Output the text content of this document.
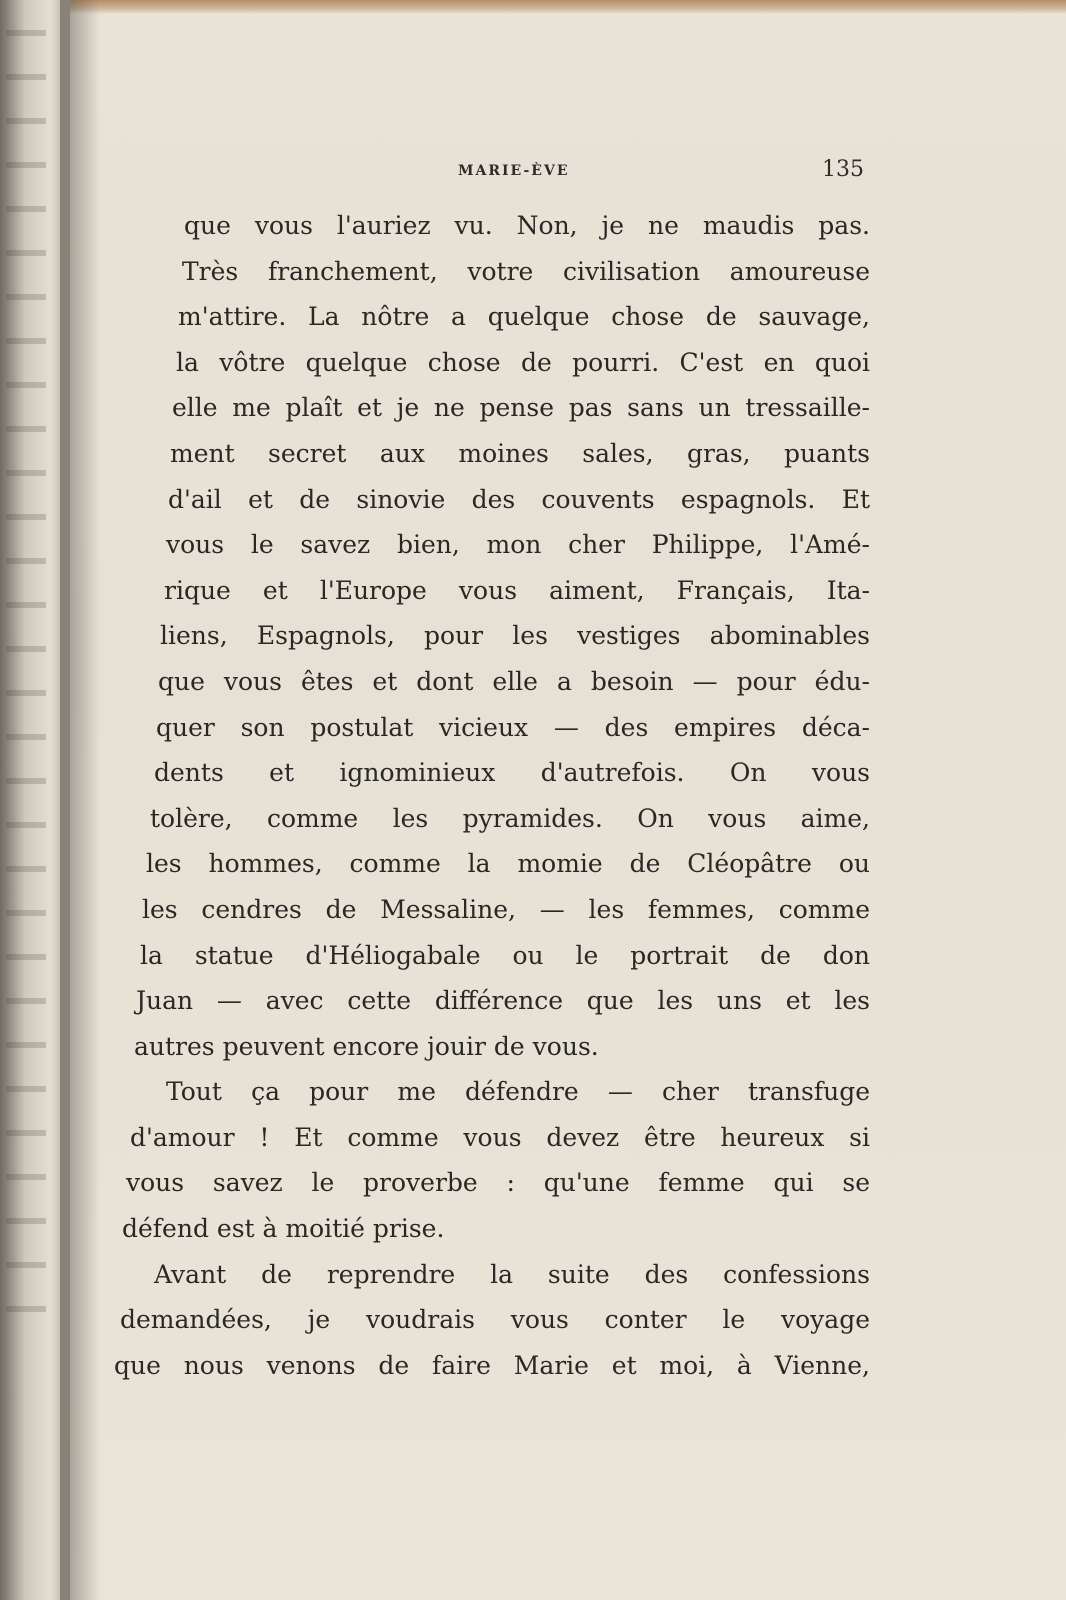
MARIE-ÈVE	135
que vous l'auriez vu. Non, je ne maudis pas.
Très franchement, votre civilisation amoureuse
m'attire. La nôtre a quelque chose de sauvage,
la vôtre quelque chose de pourri. C'est en quoi
elle me plaît et je ne pense pas sans un tressaille-
ment secret aux moines sales, gras, puants
d'ail et de sinovie des couvents espagnols. Et
vous le savez bien, mon cher Philippe, l'Amé-
rique et l'Europe vous aiment, Français, Ita-
liens, Espagnols, pour les vestiges abominables
que vous êtes et dont elle a besoin — pour édu-
quer son postulat vicieux — des empires déca-
dents et ignominieux d'autrefois. On vous
tolère, comme les pyramides. On vous aime,
les hommes, comme la momie de Cléopâtre ou
les cendres de Messaline, — les femmes, comme
la statue d'Héliogabale ou le portrait de don
Juan — avec cette différence que les uns et les
autres peuvent encore jouir de vous.
Tout ça pour me défendre — cher transfuge
d'amour ! Et comme vous devez être heureux si
vous savez le proverbe : qu'une femme qui se
défend est à moitié prise.
Avant de reprendre la suite des confessions
demandées, je voudrais vous conter le voyage
que nous venons de faire Marie et moi, à Vienne,
